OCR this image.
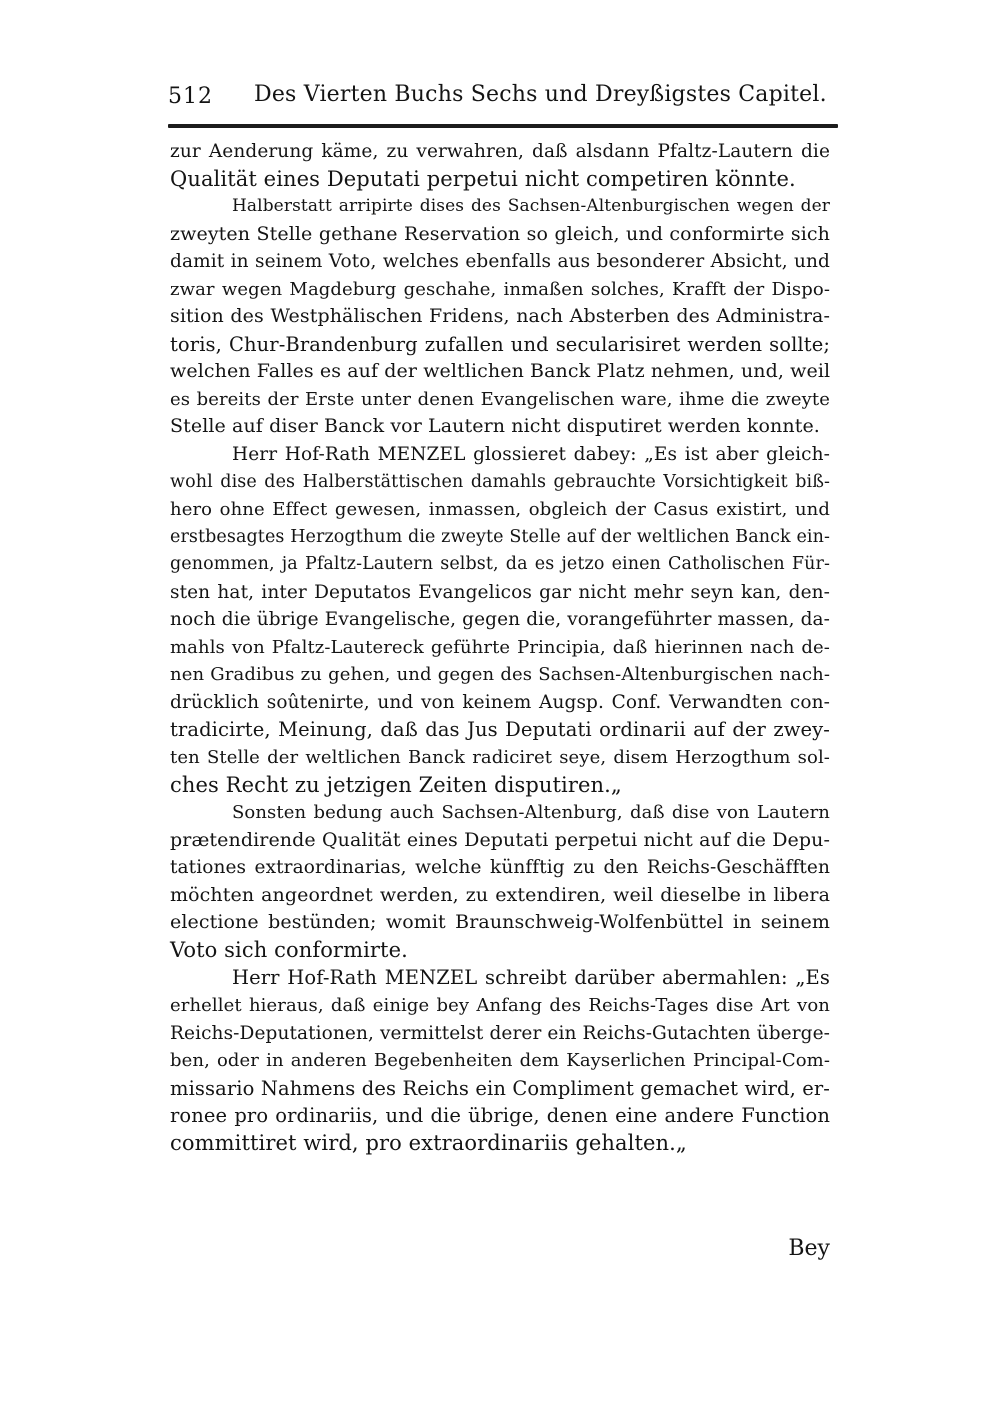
512 Des Vierten Buchs Sechs und Dreyßigstes Capitel.
zur Aenderung käme, zu verwahren, daß alsdann Pfaltz-Lautern die
Qualität eines Deputati perpetui nicht competiren könnte.
Halberstatt arripirte dises des Sachsen-Altenburgischen wegen der
zweyten Stelle gethane Reservation so gleich, und conformirte sich
damit in seinem Voto, welches ebenfalls aus besonderer Absicht, und
zwar wegen Magdeburg geschahe, inmaßen solches, Krafft der Dispo-
sition des Westphälischen Fridens, nach Absterben des Administra-
toris, Chur-Brandenburg zufallen und secularisiret werden sollte;
welchen Falles es auf der weltlichen Banck Platz nehmen, und, weil
es bereits der Erste unter denen Evangelischen ware, ihme die zweyte
Stelle auf diser Banck vor Lautern nicht disputiret werden konnte.
Herr Hof-Rath MENZEL glossieret dabey: „Es ist aber gleich-
wohl dise des Halberstättischen damahls gebrauchte Vorsichtigkeit biß-
hero ohne Effect gewesen, inmassen, obgleich der Casus existirt, und
erstbesagtes Herzogthum die zweyte Stelle auf der weltlichen Banck ein-
genommen, ja Pfaltz-Lautern selbst, da es jetzo einen Catholischen Für-
sten hat, inter Deputatos Evangelicos gar nicht mehr seyn kan, den-
noch die übrige Evangelische, gegen die, vorangeführter massen, da-
mahls von Pfaltz-Lautereck geführte Principia, daß hierinnen nach de-
nen Gradibus zu gehen, und gegen des Sachsen-Altenburgischen nach-
drücklich soûtenirte, und von keinem Augsp. Conf. Verwandten con-
tradicirte, Meinung, daß das Jus Deputati ordinarii auf der zwey-
ten Stelle der weltlichen Banck radiciret seye, disem Herzogthum sol-
ches Recht zu jetzigen Zeiten disputiren.„
Sonsten bedung auch Sachsen-Altenburg, daß dise von Lautern
prætendirende Qualität eines Deputati perpetui nicht auf die Depu-
tationes extraordinarias, welche künfftig zu den Reichs-Geschäfften
möchten angeordnet werden, zu extendiren, weil dieselbe in libera
electione bestünden; womit Braunschweig-Wolfenbüttel in seinem
Voto sich conformirte.
Herr Hof-Rath MENZEL schreibt darüber abermahlen: „Es
erhellet hieraus, daß einige bey Anfang des Reichs-Tages dise Art von
Reichs-Deputationen, vermittelst derer ein Reichs-Gutachten überge-
ben, oder in anderen Begebenheiten dem Kayserlichen Principal-Com-
missario Nahmens des Reichs ein Compliment gemachet wird, er-
ronee pro ordinariis, und die übrige, denen eine andere Function
committiret wird, pro extraordinariis gehalten.„
Bey
